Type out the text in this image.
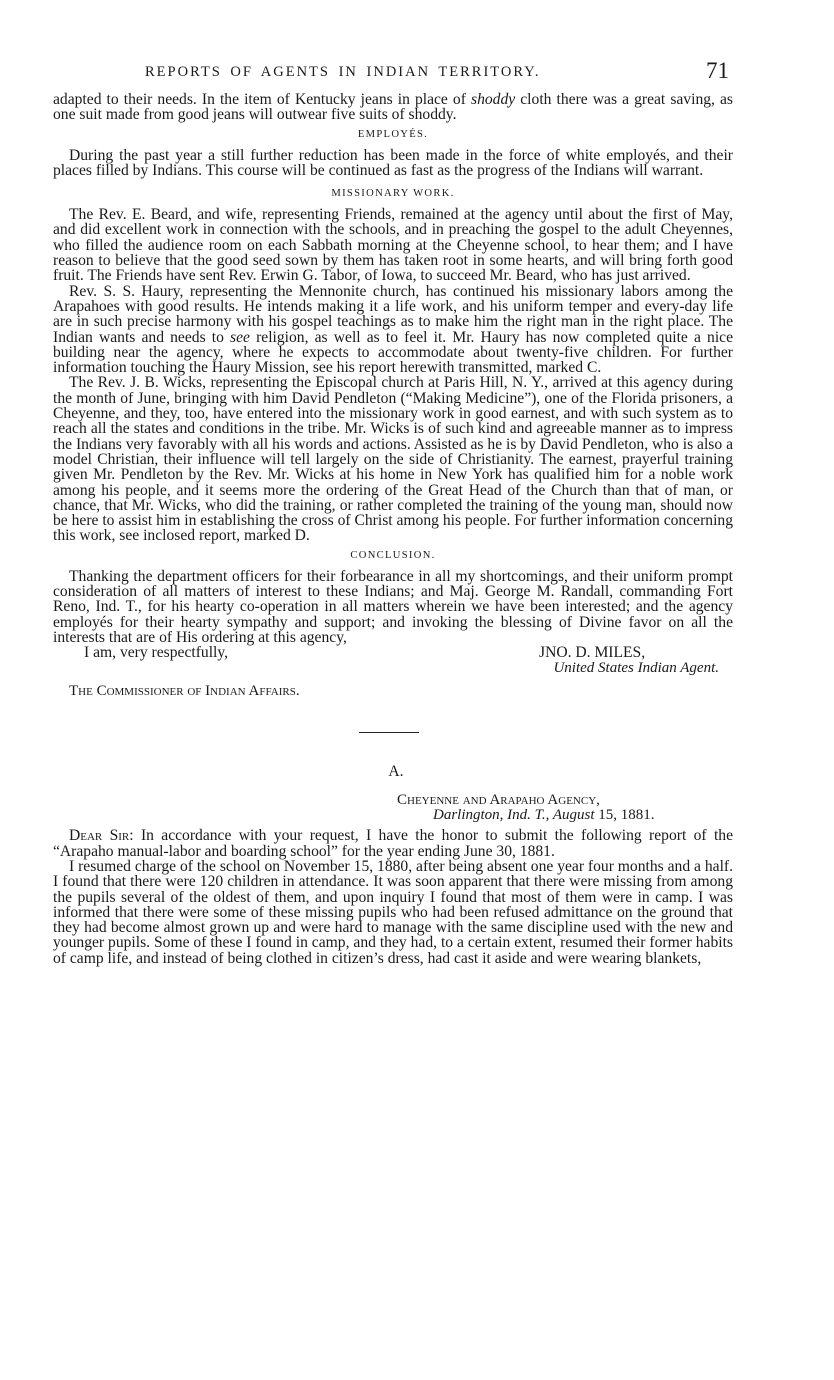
REPORTS OF AGENTS IN INDIAN TERRITORY.	71

adapted to their needs. In the item of Kentucky jeans in place of shoddy cloth there was a great saving, as one suit made from good jeans will outwear five suits of shoddy.

EMPLOYÉS.

During the past year a still further reduction has been made in the force of white employés, and their places filled by Indians. This course will be continued as fast as the progress of the Indians will warrant.

MISSIONARY WORK.

The Rev. E. Beard, and wife, representing Friends, remained at the agency until about the first of May, and did excellent work in connection with the schools, and in preaching the gospel to the adult Cheyennes, who filled the audience room on each Sabbath morning at the Cheyenne school, to hear them; and I have reason to believe that the good seed sown by them has taken root in some hearts, and will bring forth good fruit. The Friends have sent Rev. Erwin G. Tabor, of Iowa, to succeed Mr. Beard, who has just arrived.

Rev. S. S. Haury, representing the Mennonite church, has continued his missionary labors among the Arapahoes with good results. He intends making it a life work, and his uniform temper and every-day life are in such precise harmony with his gospel teachings as to make him the right man in the right place. The Indian wants and needs to see religion, as well as to feel it. Mr. Haury has now completed quite a nice building near the agency, where he expects to accommodate about twenty-five children. For further information touching the Haury Mission, see his report herewith transmitted, marked C.

The Rev. J. B. Wicks, representing the Episcopal church at Paris Hill, N. Y., arrived at this agency during the month of June, bringing with him David Pendleton (“Making Medicine”), one of the Florida prisoners, a Cheyenne, and they, too, have entered into the missionary work in good earnest, and with such system as to reach all the states and conditions in the tribe. Mr. Wicks is of such kind and agreeable manner as to impress the Indians very favorably with all his words and actions. Assisted as he is by David Pendleton, who is also a model Christian, their influence will tell largely on the side of Christianity. The earnest, prayerful training given Mr. Pendleton by the Rev. Mr. Wicks at his home in New York has qualified him for a noble work among his people, and it seems more the ordering of the Great Head of the Church than that of man, or chance, that Mr. Wicks, who did the training, or rather completed the training of the young man, should now be here to assist him in establishing the cross of Christ among his people. For further information concerning this work, see inclosed report, marked D.

CONCLUSION.

Thanking the department officers for their forbearance in all my shortcomings, and their uniform prompt consideration of all matters of interest to these Indians; and Maj. George M. Randall, commanding Fort Reno, Ind. T., for his hearty co-operation in all matters wherein we have been interested; and the agency employés for their hearty sympathy and support; and invoking the blessing of Divine favor on all the interests that are of His ordering at this agency,

I am, very respectfully,	JNO. D. MILES,
United States Indian Agent.
The Commissioner of Indian Affairs.
A.
Cheyenne and Arapaho Agency,
Darlington, Ind. T., August 15, 1881.

Dear Sir: In accordance with your request, I have the honor to submit the following report of the “Arapaho manual-labor and boarding school” for the year ending June 30, 1881.

I resumed charge of the school on November 15, 1880, after being absent one year four months and a half. I found that there were 120 children in attendance. It was soon apparent that there were missing from among the pupils several of the oldest of them, and upon inquiry I found that most of them were in camp. I was informed that there were some of these missing pupils who had been refused admittance on the ground that they had become almost grown up and were hard to manage with the same discipline used with the new and younger pupils. Some of these I found in camp, and they had, to a certain extent, resumed their former habits of camp life, and instead of being clothed in citizen’s dress, had cast it aside and were wearing blankets,
